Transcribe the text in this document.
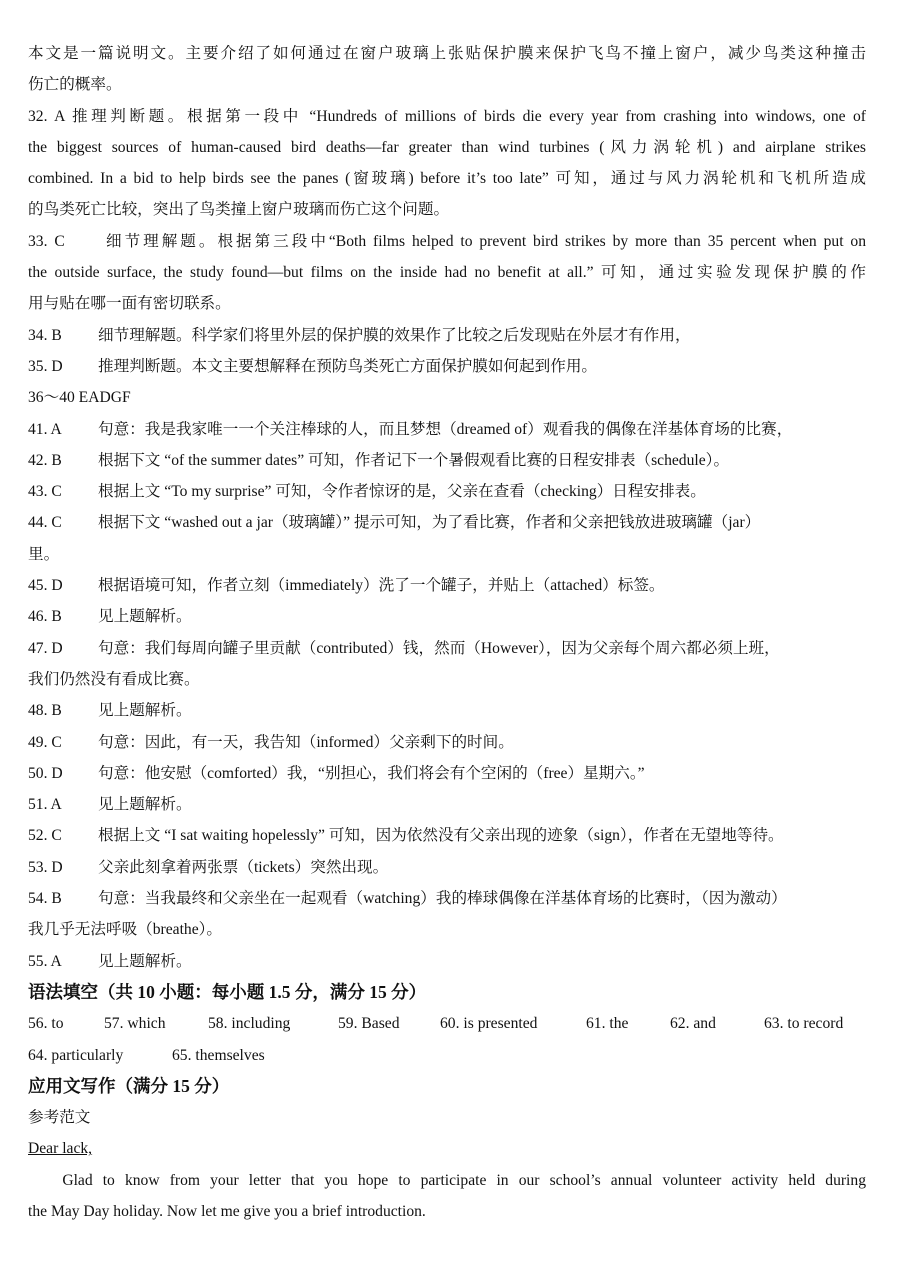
本文是一篇说明文。主要介绍了如何通过在窗户玻璃上张贴保护膜来保护飞鸟不撞上窗户，减少鸟类这种撞击
伤亡的概率。
32. A 推理判断题。根据第一段中 “Hundreds of millions of birds die every year from crashing into windows, one of
the biggest sources of human-caused bird deaths—far greater than wind turbines (风力涡轮机) and airplane strikes
combined. In a bid to help birds see the panes (窗玻璃) before it’s too late” 可知，通过与风力涡轮机和飞机所造成
的鸟类死亡比较，突出了鸟类撞上窗户玻璃而伤亡这个问题。
33. C      细节理解题。根据第三段中“Both films helped to prevent bird strikes by more than 35 percent when put on
the outside surface, the study found—but films on the inside had no benefit at all.” 可知，通过实验发现保护膜的作
用与贴在哪一面有密切联系。
34. B 细节理解题。科学家们将里外层的保护膜的效果作了比较之后发现贴在外层才有作用，
35. D 推理判断题。本文主要想解释在预防鸟类死亡方面保护膜如何起到作用。
36～40 EADGF
41. A 句意：我是我家唯一一个关注棒球的人，而且梦想（dreamed of）观看我的偶像在洋基体育场的比赛，
42. B 根据下文 “of the summer dates” 可知，作者记下一个暑假观看比赛的日程安排表（schedule）。
43. C 根据上文 “To my surprise” 可知，令作者惊讶的是，父亲在查看（checking）日程安排表。
44. C 根据下文 “washed out a jar（玻璃罐）” 提示可知，为了看比赛，作者和父亲把钱放进玻璃罐（jar）
里。
45. D 根据语境可知，作者立刻（immediately）洗了一个罐子，并贴上（attached）标签。
46. B 见上题解析。
47. D 句意：我们每周向罐子里贡献（contributed）钱，然而（However），因为父亲每个周六都必须上班，
我们仍然没有看成比赛。
48. B 见上题解析。
49. C 句意：因此，有一天，我告知（informed）父亲剩下的时间。
50. D 句意：他安慰（comforted）我，“别担心，我们将会有个空闲的（free）星期六。”
51. A 见上题解析。
52. C 根据上文 “I sat waiting hopelessly” 可知，因为依然没有父亲出现的迹象（sign），作者在无望地等待。
53. D 父亲此刻拿着两张票（tickets）突然出现。
54. B 句意：当我最终和父亲坐在一起观看（watching）我的棒球偶像在洋基体育场的比赛时，（因为激动）
我几乎无法呼吸（breathe）。
55. A 见上题解析。
语法填空（共 10 小题：每小题 1.5 分，满分 15 分）
56. to	57. which	58. including	59. Based	60. is presented	61. the	62. and	63. to record
64. particularly	65. themselves
应用文写作（满分 15 分）
参考范文
Dear lack,
Glad to know from your letter that you hope to participate in our school’s annual volunteer activity held during
the May Day holiday. Now let me give you a brief introduction.
